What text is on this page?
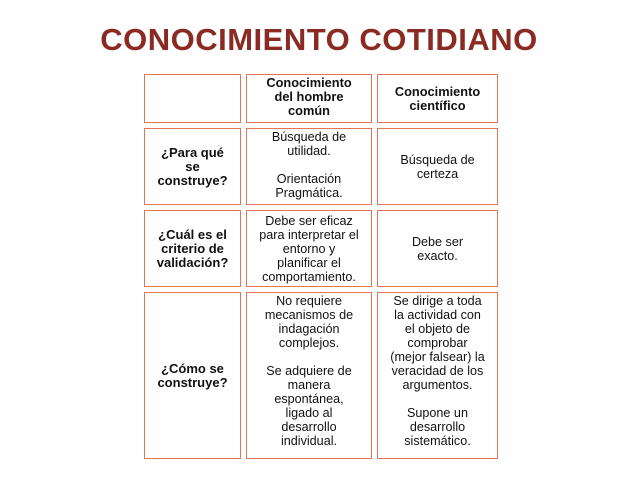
CONOCIMIENTO COTIDIANO
Conocimiento
del hombre
común
Conocimiento
científico
¿Para qué
se
construye?
Búsqueda de
utilidad.
Orientación
Pragmática.
Búsqueda de
certeza
¿Cuál es el
criterio de
validación?
Debe ser eficaz
para interpretar el
entorno y
planificar el
comportamiento.
Debe ser
exacto.
¿Cómo se
construye?
No requiere
mecanismos de
indagación
complejos.
Se adquiere de
manera
espontánea,
ligado al
desarrollo
individual.
Se dirige a toda
la actividad con
el objeto de
comprobar
(mejor falsear) la
veracidad de los
argumentos.
Supone un
desarrollo
sistemático.
